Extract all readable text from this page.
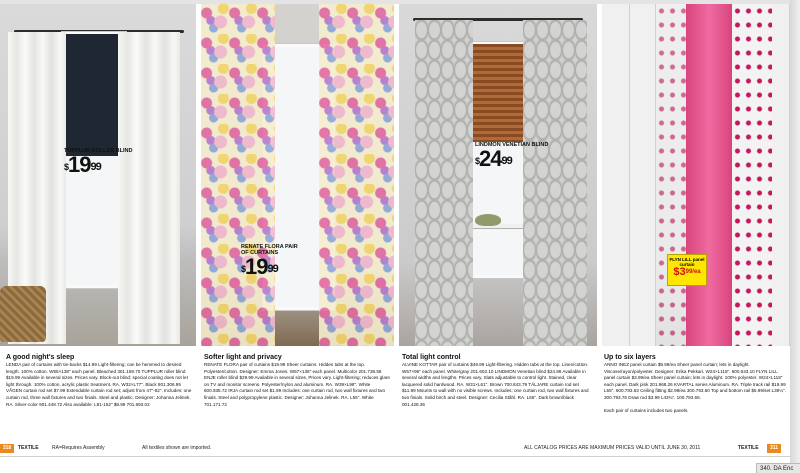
TUPPLUR ROLLER BLIND
$^{\$}19^{99}$
RENATE FLORA PAIR OF CURTAINS
$^{\$}19^{99}$
LINDMON VENETIAN BLIND
$^{\$}24^{99}$
FLYN LILL panel curtain
$\$3^{99/ea}$
A good night's sleep

LENDA pair of curtains with tie-backs $14.99 Light-filtering; can be hemmed to desired length. 100% cotton. W55×138" each panel. Bleached 301.159.70 TUPPLUR roller blind $19.99 Available in several sizes. Prices vary. Block-out blind; special coating does not let light through. 100% cotton, acrylic plastic treatment. RA. W32×L77". Black 801.306.95 VÅGEN curtain rod set $7.99 Extendable curtain rod set; adjust from 47"-82". Includes: one curtain rod, three wall fixtures and two finials. Steel and plastic. Designer: Johanna Jelinek. RA. Silver-color 901.448.72 Also available: L81-152" $9.99 701.693.02

Softer light and privacy

RENATE FLORA pair of curtains $19.99 Sheer curtains. Hidden tabs at the top. Polyester/cotton. Designer: Emma Jones. W57×136" each panel. Multicolor 201.738.58 ENJE roller blind $29.99 Available in several sizes. Prices vary. Light-filtering; reduces glare on TV and monitor screens. Polyester/nylon and aluminum. RA. W39×L98". White 600.935.72 IRJA curtain rod set $1.99 Includes: one curtain rod, two wall fixtures and two finials. Steel and polypropylene plastic. Designer: Johanna Jelinek. RA. L55". White 701.171.72

Total light control

ALVINE KOTTAR pair of curtains $49.99 Light-filtering. Hidden tabs at the top. Linen/cotton. W57×96" each panel. White/gray 201.602.10 LINDMON Venetian blind $24.99 Available in several widths and lengths. Prices vary. Slats adjustable to control light. Stained, clear lacquered solid hardwood. RA. W31×L61". Brown 700.843.79 TÄLJARE curtain rod set $11.99 Mounts to wall with no visible screws. Includes: one curtain rod, two wall fixtures and two finials. Solid birch and steel. Designer: Cecilia Ståhl. RA. L55". Dark brown/black 001.428.36

Up to six layers

ANNO INEZ panel curtain $9.99/ea Sheer panel curtain; lets in daylight. Viscose/rayon/polyester. Designer: Erika Pekkari. W24×L118". 600.633.10 FLYN LILL panel curtain $3.99/ea Sheer panel curtain; lets in daylight. 100% polyester. W24×L118" each panel. Dark pink 201.968.26 KVARTAL series Aluminum. RA. Triple track rail $19.99 L55". 600.793.63 Ceiling fitting $2.99/ea 300.793.60 Top and bottom rail $5.99/set L39¼". 300.793.76 Draw rod $3.99 L43¾". 100.793.66.

Each pair of curtains includes two panels.

318	TEXTILE	RA=Requires Assembly	All textiles shown are imported.	ALL CATALOG PRICES ARE MAXIMUM PRICES VALID UNTIL JUNE 30, 2011	TEXTILE	311
340. DA Enc
